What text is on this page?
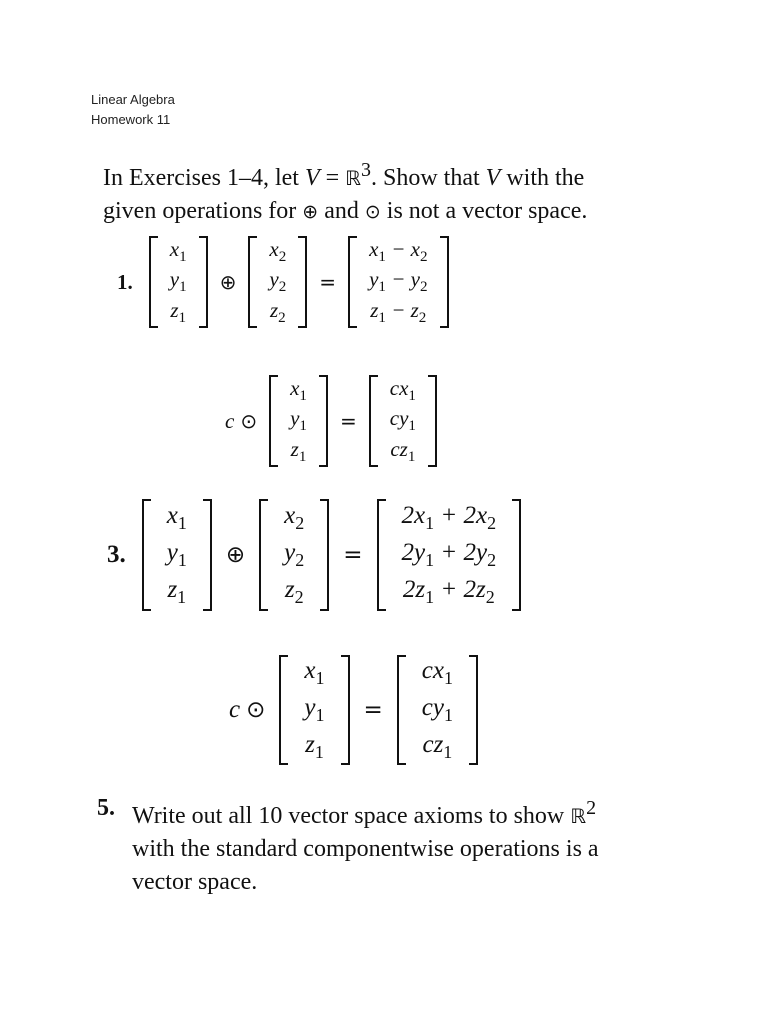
Linear Algebra
Homework 11
In Exercises 1–4, let V = ℝ$^3$. Show that V with the
given operations for ⊕ and ⊙ is not a vector space.
1.
$x_1$
$y_1$
$z_1$
⊕
$x_2$
$y_2$
$z_2$
=
$x_1 - x_2$
$y_1 - y_2$
$z_1 - z_2$
c ⊙
$x_1$
$y_1$
$z_1$
=
$cx_1$
$cy_1$
$cz_1$
3.
$x_1$
$y_1$
$z_1$
⊕
$x_2$
$y_2$
$z_2$
=
$2x_1 + 2x_2$
$2y_1 + 2y_2$
$2z_1 + 2z_2$
c ⊙
$x_1$
$y_1$
$z_1$
=
$cx_1$
$cy_1$
$cz_1$
5. Write out all 10 vector space axioms to show ℝ$^2$
with the standard componentwise operations is a
vector space.
